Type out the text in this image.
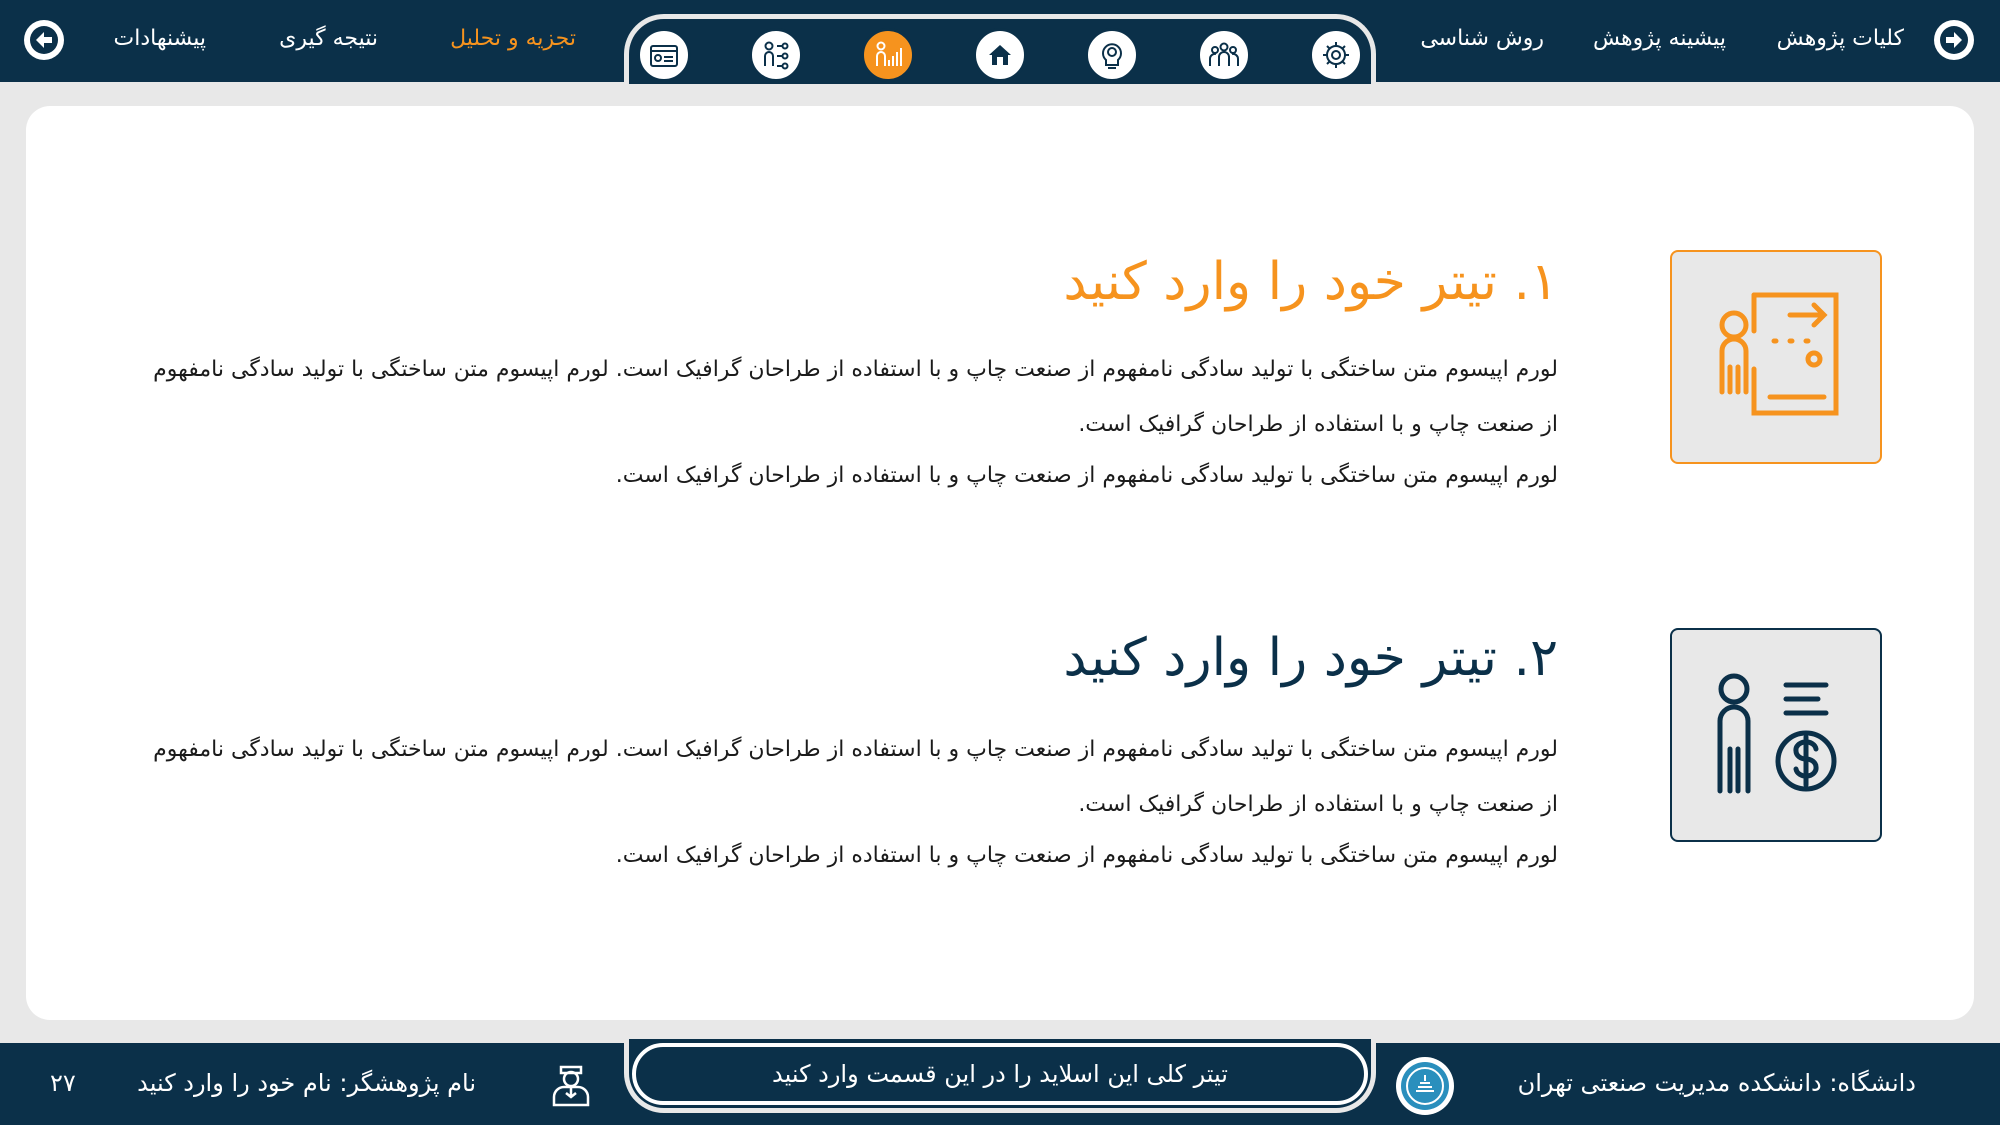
کلیات پژوهش
پیشینه پژوهش
روش شناسی
تجزیه و تحلیل
نتیجه گیری
پیشنهادات
۱. تیتر خود را وارد کنید
لورم اپیسوم متن ساختگی با تولید سادگی نامفهوم از صنعت چاپ و با استفاده از طراحان گرافیک است. لورم اپیسوم متن ساختگی با تولید سادگی نامفهوم از صنعت چاپ و با استفاده از طراحان گرافیک است.
لورم اپیسوم متن ساختگی با تولید سادگی نامفهوم از صنعت چاپ و با استفاده از طراحان گرافیک است.
۲. تیتر خود را وارد کنید
لورم اپیسوم متن ساختگی با تولید سادگی نامفهوم از صنعت چاپ و با استفاده از طراحان گرافیک است. لورم اپیسوم متن ساختگی با تولید سادگی نامفهوم از صنعت چاپ و با استفاده از طراحان گرافیک است.
لورم اپیسوم متن ساختگی با تولید سادگی نامفهوم از صنعت چاپ و با استفاده از طراحان گرافیک است.
دانشگاه: دانشکده مدیریت صنعتی تهران
نام پژوهشگر: نام خود را وارد کنید
۲۷	تیتر کلی این اسلاید را در این قسمت وارد کنید
